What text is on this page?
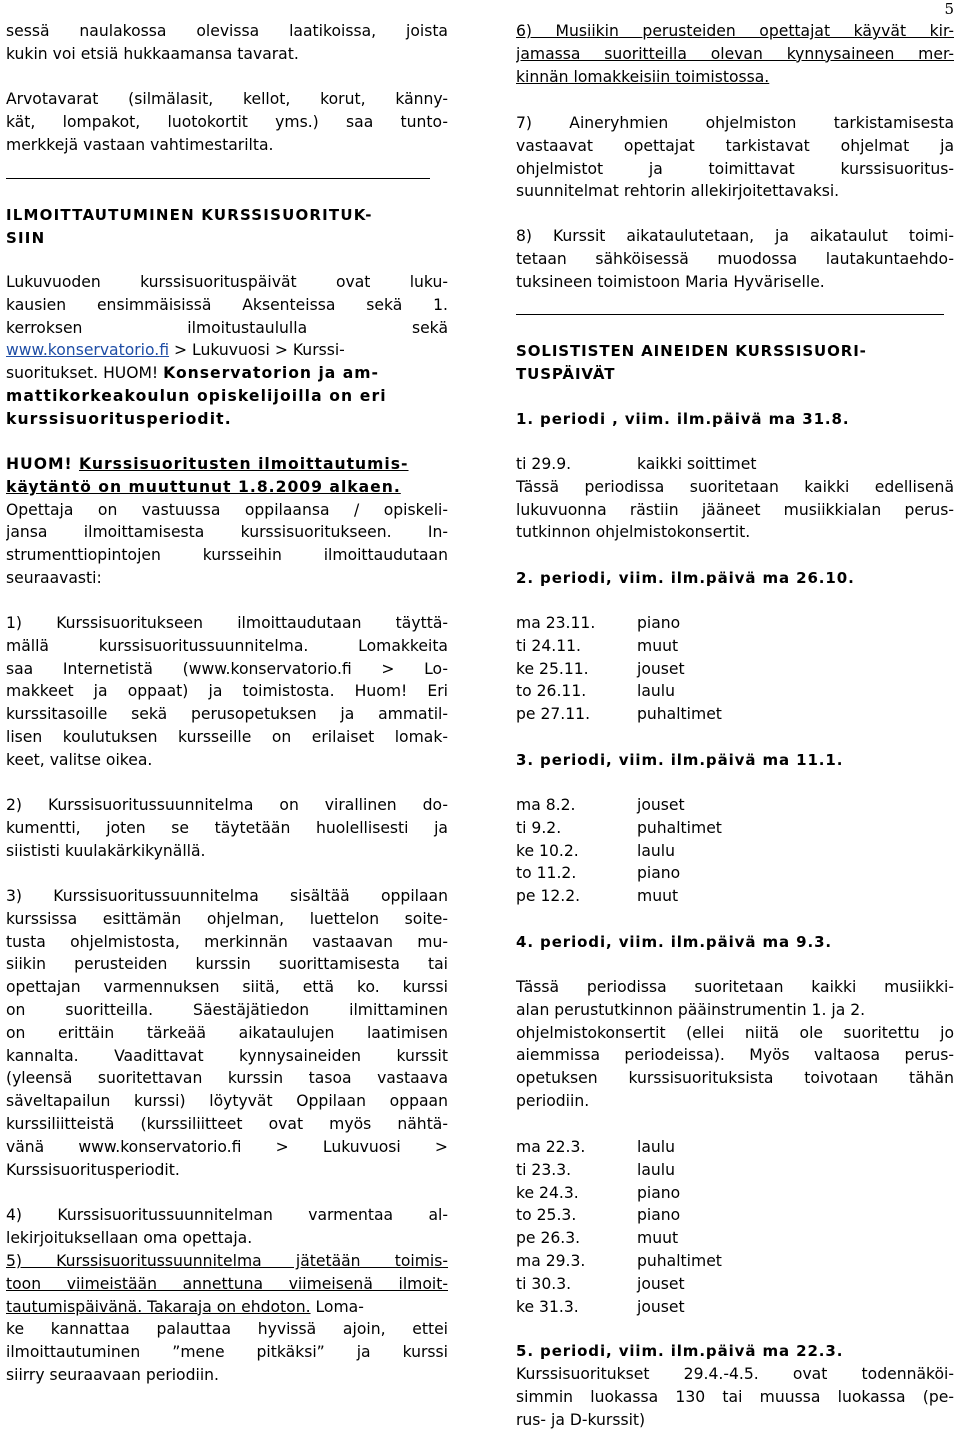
5

sessä naulakossa olevissa laatikoissa, joista

kukin voi etsiä hukkaamansa tavarat.

Arvotavarat (silmälasit, kellot, korut, känny-

kät, lompakot, luotokortit yms.) saa tunto-

merkkejä vastaan vahtimestarilta.

ILMOITTAUTUMINEN KURSSISUORITUK-

SIIN

Lukuvuoden kurssisuorituspäivät ovat luku-

kausien ensimmäisissä Aksenteissa sekä 1.

kerroksen ilmoitustaululla sekä

www.konservatorio.fi > Lukuvuosi > Kurssi-

suoritukset. HUOM! Konservatorion ja am-

mattikorkeakoulun opiskelijoilla on eri

kurssisuoritusperiodit.

HUOM! Kurssisuoritusten ilmoittautumis-

käytäntö on muuttunut 1.8.2009 alkaen.

Opettaja on vastuussa oppilaansa / opiskeli-

jansa ilmoittamisesta kurssisuoritukseen. In-

strumenttiopintojen kursseihin ilmoittaudutaan

seuraavasti:

1) Kurssisuoritukseen ilmoittaudutaan täyttä-

mällä kurssisuoritussuunnitelma. Lomakkeita

saa Internetistä (www.konservatorio.fi > Lo-

makkeet ja oppaat) ja toimistosta. Huom! Eri

kurssitasoille sekä perusopetuksen ja ammatil-

lisen koulutuksen kursseille on erilaiset lomak-

keet, valitse oikea.

2) Kurssisuoritussuunnitelma on virallinen do-

kumentti, joten se täytetään huolellisesti ja

siististi kuulakärkikynällä.

3) Kurssisuoritussuunnitelma sisältää oppilaan

kurssissa esittämän ohjelman, luettelon soite-

tusta ohjelmistosta, merkinnän vastaavan mu-

siikin perusteiden kurssin suorittamisesta tai

opettajan varmennuksen siitä, että ko. kurssi

on suoritteilla. Säestäjätiedon ilmittaminen

on erittäin tärkeää aikataulujen laatimisen

kannalta. Vaadittavat kynnysaineiden kurssit

(yleensä suoritettavan kurssin tasoa vastaava

säveltapailun kurssi) löytyvät Oppilaan oppaan

kurssiliitteistä (kurssiliitteet ovat myös nähtä-

vänä www.konservatorio.fi > Lukuvuosi >

Kurssisuoritusperiodit.

4) Kurssisuoritussuunnitelman varmentaa al-

lekirjoituksellaan oma opettaja.

5) Kurssisuoritussuunnitelma jätetään toimis-

toon viimeistään annettuna viimeisenä ilmoit-

tautumispäivänä. Takaraja on ehdoton. Loma-

ke kannattaa palauttaa hyvissä ajoin, ettei

ilmoittautuminen ”mene pitkäksi” ja kurssi

siirry seuraavaan periodiin.

6) Musiikin perusteiden opettajat käyvät kir-

jamassa suoritteilla olevan kynnysaineen mer-

kinnän lomakkeisiin toimistossa.

7) Aineryhmien ohjelmiston tarkistamisesta

vastaavat opettajat tarkistavat ohjelmat ja

ohjelmistot ja toimittavat kurssisuoritus-

suunnitelmat rehtorin allekirjoitettavaksi.

8) Kurssit aikataulutetaan, ja aikataulut toimi-

tetaan sähköisessä muodossa lautakuntaehdo-

tuksineen toimistoon Maria Hyväriselle.

SOLISTISTEN AINEIDEN KURSSISUORI-

TUSPÄIVÄT

1. periodi , viim. ilm.päivä ma 31.8.

ti 29.9.	kaikki soittimet

Tässä periodissa suoritetaan kaikki edellisenä

lukuvuonna rästiin jääneet musiikkialan perus-

tutkinnon ohjelmistokonsertit.

2. periodi, viim. ilm.päivä ma 26.10.

ma 23.11.	piano
ti 24.11.	muut
ke 25.11.	jouset
to 26.11.	laulu
pe 27.11.	puhaltimet

3. periodi, viim. ilm.päivä ma 11.1.

ma 8.2.	jouset
ti 9.2.	puhaltimet
ke 10.2.	laulu
to 11.2.	piano
pe 12.2.	muut

4. periodi, viim. ilm.päivä ma 9.3.

Tässä periodissa suoritetaan kaikki musiikki-

alan perustutkinnon pääinstrumentin 1. ja 2.

ohjelmistokonsertit (ellei niitä ole suoritettu jo

aiemmissa periodeissa). Myös valtaosa perus-

opetuksen kurssisuorituksista toivotaan tähän

periodiin.

ma 22.3.	laulu
ti 23.3.	laulu
ke 24.3.	piano
to 25.3.	piano
pe 26.3.	muut
ma 29.3.	puhaltimet
ti 30.3.	jouset
ke 31.3.	jouset

5. periodi, viim. ilm.päivä ma 22.3.

Kurssisuoritukset 29.4.-4.5. ovat todennäköi-

simmin luokassa 130 tai muussa luokassa (pe-

rus- ja D-kurssit)
